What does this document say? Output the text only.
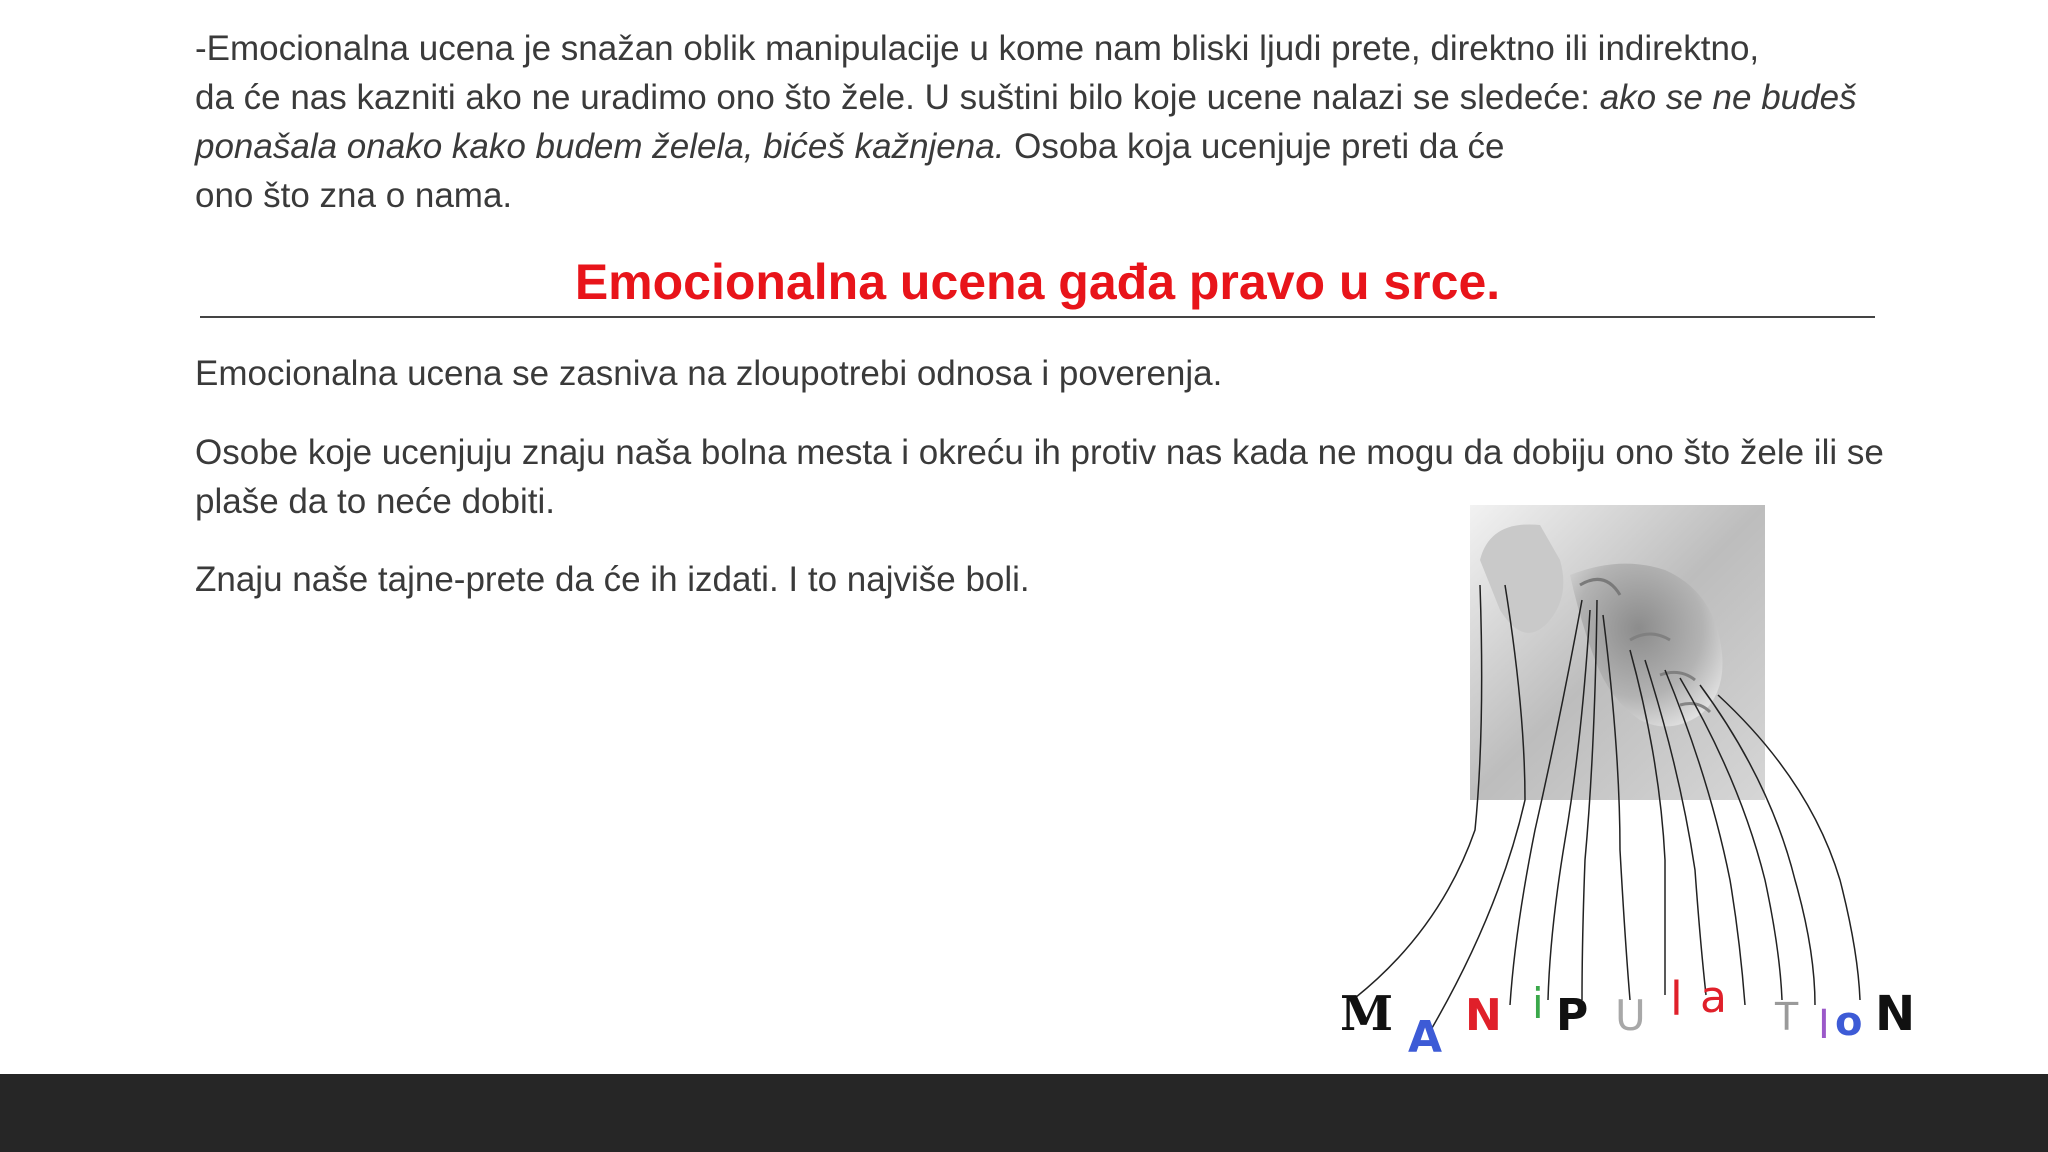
-Emocionalna ucena je snažan oblik manipulacije u kome nam bliski ljudi prete, direktno ili indirektno,
da će nas kazniti ako ne uradimo ono što žele. U suštini bilo koje ucene nalazi se sledeće: ako se ne budeš ponašala onako kako budem želela, bićeš kažnjena. Osoba koja ucenjuje preti da će
ono što zna o nama.

Emocionalna ucena gađa pravo u srce.

Emocionalna ucena se zasniva na zloupotrebi odnosa i poverenja.

Osobe koje ucenjuju znaju naša bolna mesta i okreću ih protiv nas kada ne mogu da dobiju ono što žele ili se plaše da to neće dobiti.

Znaju naše tajne-prete da će ih izdati. I to najviše boli.

M A N i P U l a T I o N
